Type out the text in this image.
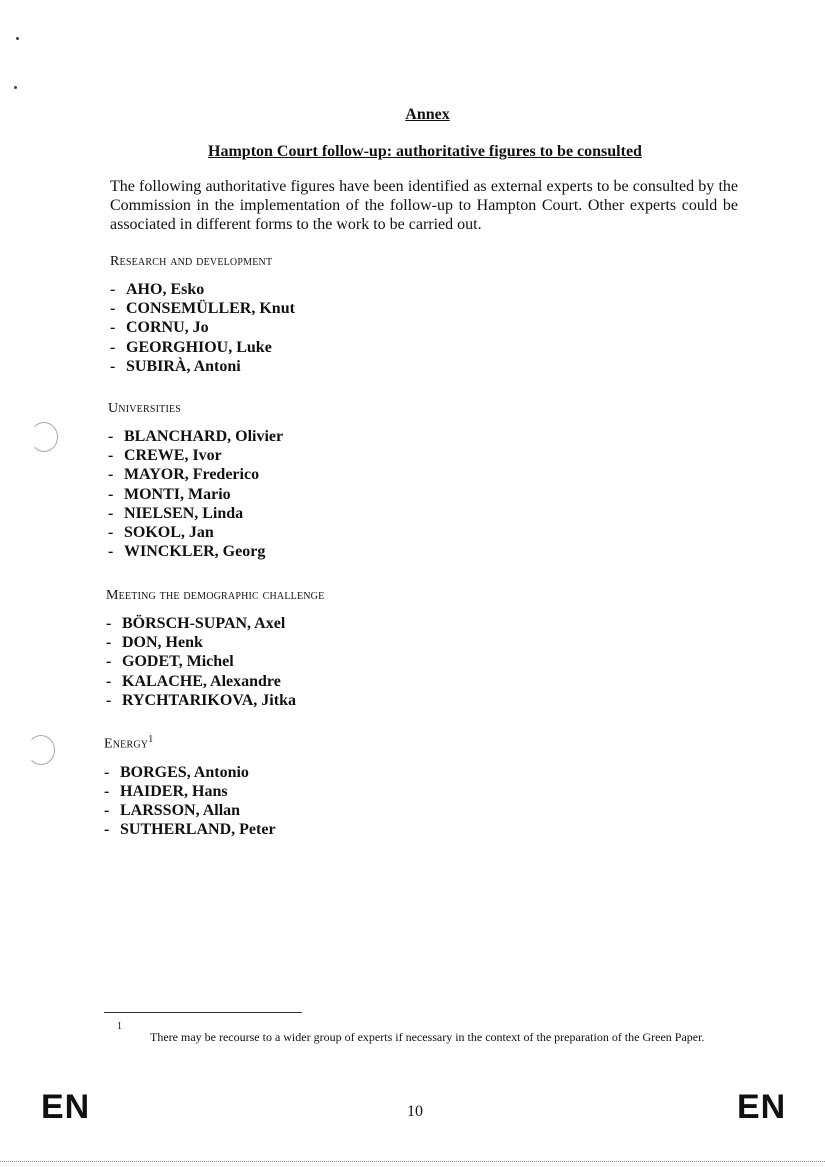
Annex
Hampton Court follow-up: authoritative figures to be consulted
The following authoritative figures have been identified as external experts to be consulted by the Commission in the implementation of the follow-up to Hampton Court. Other experts could be associated in different forms to the work to be carried out.
Research and development
- AHO, Esko
- CONSEMÜLLER, Knut
- CORNU, Jo
- GEORGHIOU, Luke
- SUBIRÀ, Antoni
Universities
- BLANCHARD, Olivier
- CREWE, Ivor
- MAYOR, Frederico
- MONTI, Mario
- NIELSEN, Linda
- SOKOL, Jan
- WINCKLER, Georg
Meeting the demographic challenge
- BÖRSCH-SUPAN, Axel
- DON, Henk
- GODET, Michel
- KALACHE, Alexandre
- RYCHTARIKOVA, Jitka
Energy$^1$
- BORGES, Antonio
- HAIDER, Hans
- LARSSON, Allan
- SUTHERLAND, Peter
1
There may be recourse to a wider group of experts if necessary in the context of the preparation of the Green Paper.
EN	10	EN
